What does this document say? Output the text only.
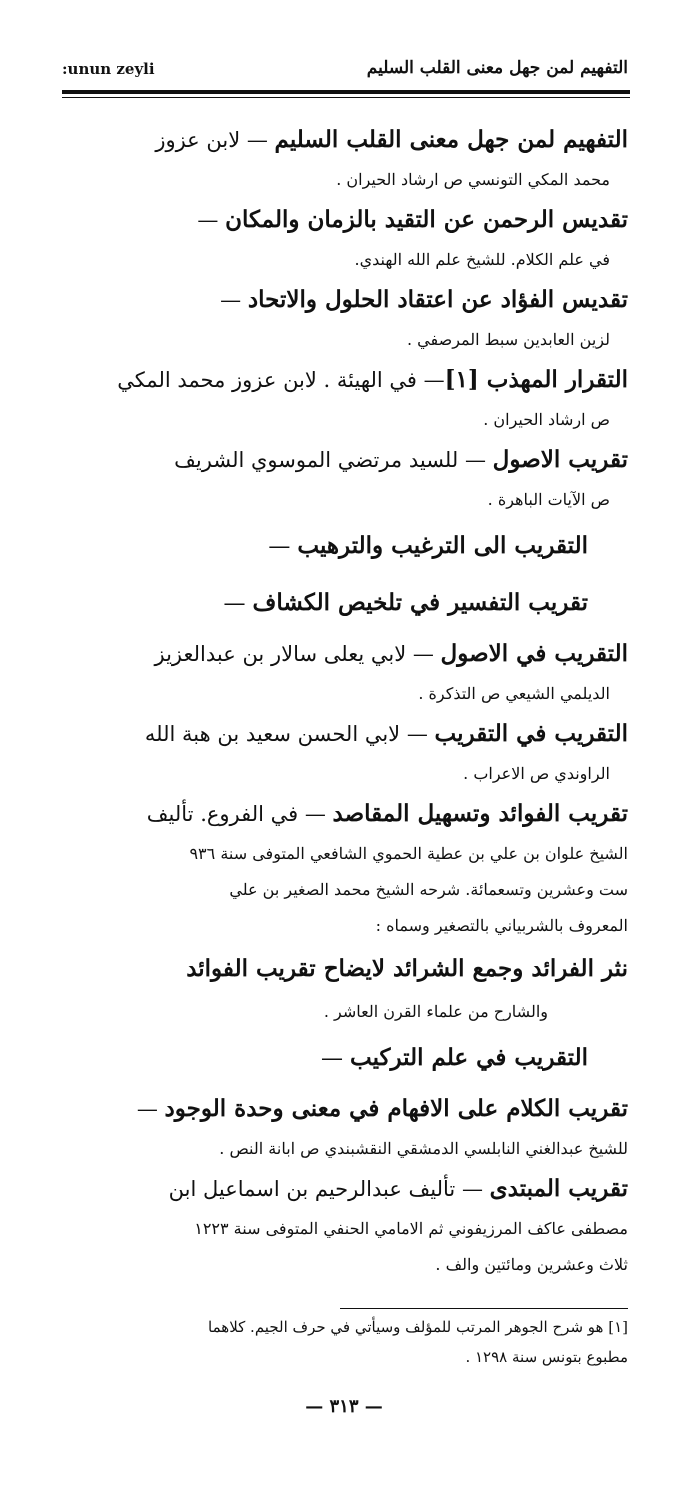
:unun zeyli	التفهيم لمن جهل معنى القلب السليم
التفهيم لمن جهل معنى القلب السليم — لابن عزوز
محمد المكي التونسي ص ارشاد الحيران .
تقديس الرحمن عن التقيد بالزمان والمكان —
في علم الكلام. للشيخ علم الله الهندي.
تقديس الفؤاد عن اعتقاد الحلول والاتحاد —
لزين العابدين سبط المرصفي .
التقرار المهذب [١]— في الهيئة . لابن عزوز محمد المكي
ص ارشاد الحيران .
تقريب الاصول — للسيد مرتضي الموسوي الشريف
ص الآيات الباهرة .
التقريب الى الترغيب والترهيب —
تقريب التفسير في تلخيص الكشاف —
التقريب في الاصول — لابي يعلى سالار بن عبدالعزيز
الديلمي الشيعي ص التذكرة .
التقريب في التقريب — لابي الحسن سعيد بن هبة الله
الراوندي ص الاعراب .
تقريب الفوائد وتسهيل المقاصد — في الفروع. تأليف
الشيخ علوان بن علي بن عطية الحموي الشافعي المتوفى سنة ٩٣٦
ست وعشرين وتسعمائة. شرحه الشيخ محمد الصغير بن علي
المعروف بالشربياني بالتصغير وسماه :
نثر الفرائد وجمع الشرائد لايضاح تقريب الفوائد
والشارح من علماء القرن العاشر .
التقريب في علم التركيب —
تقريب الكلام على الافهام في معنى وحدة الوجود —
للشيخ عبدالغني النابلسي الدمشقي النقشبندي ص ابانة النص .
تقريب المبتدى — تأليف عبدالرحيم بن اسماعيل ابن
مصطفى عاكف المرزيفوني ثم الامامي الحنفي المتوفى سنة ١٢٢٣
ثلاث وعشرين ومائتين والف .
[١] هو شرح الجوهر المرتب للمؤلف وسيأتي في حرف الجيم. كلاهما
مطبوع بتونس سنة ١٢٩٨ .
— ٣١٣ —
